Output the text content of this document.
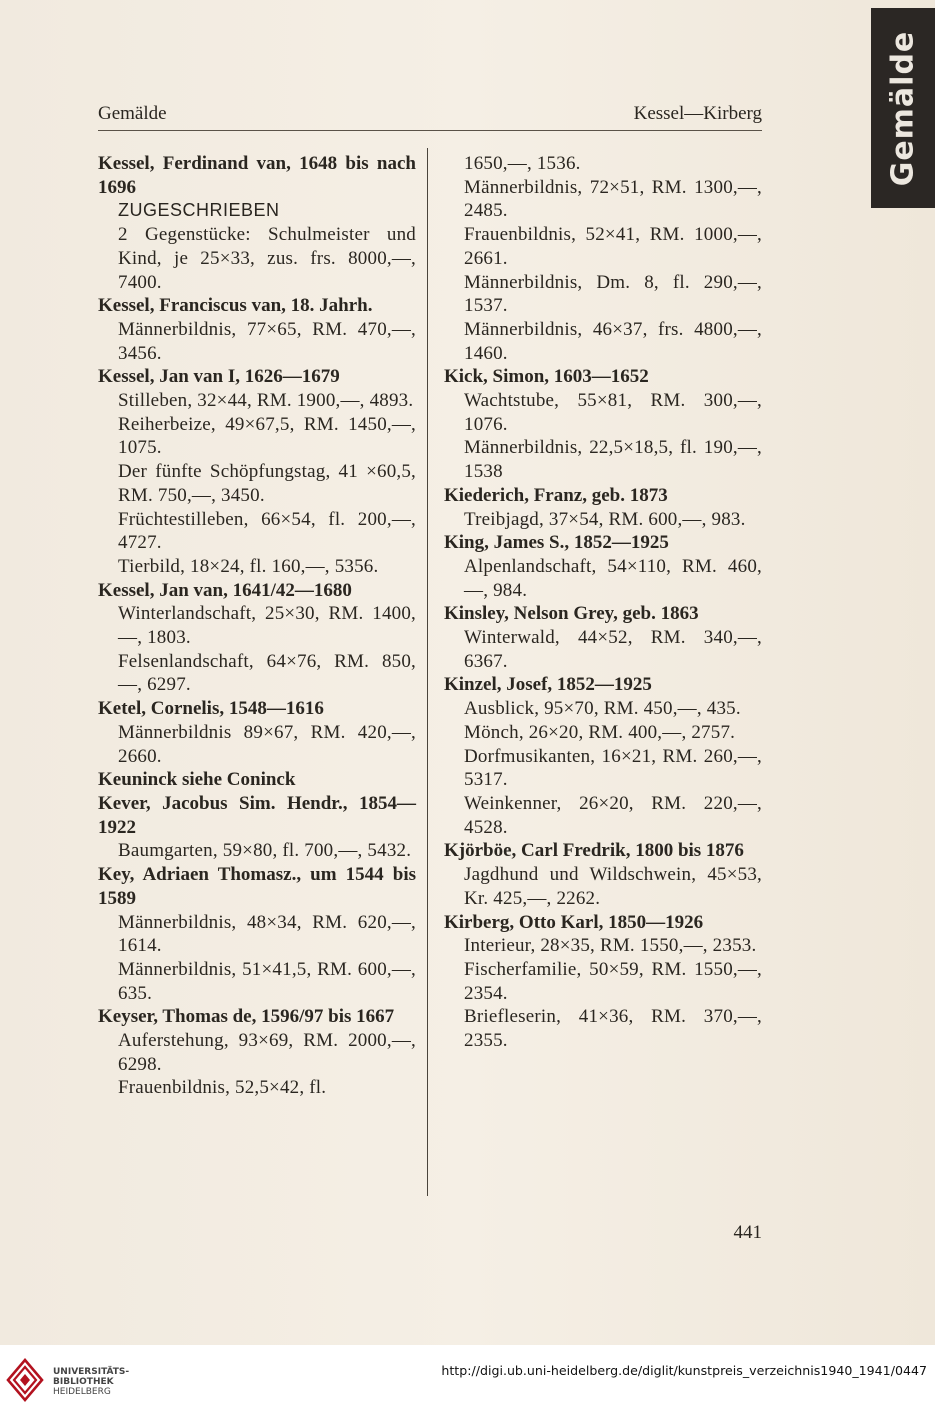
Gemälde
Gemälde	Kessel—Kirberg

Kessel, Ferdinand van, 1648 bis nach 1696

ZUGESCHRIEBEN

2 Gegenstücke: Schulmeister und Kind, je 25×33, zus. frs. 8000,—, 7400.

Kessel, Franciscus van, 18. Jahrh.

Männerbildnis, 77×65, RM. 470,—, 3456.

Kessel, Jan van I, 1626—1679

Stilleben, 32×44, RM. 1900,—, 4893.

Reiherbeize, 49×67,5, RM. 1450,—, 1075.

Der fünfte Schöpfungstag, 41 ×60,5, RM. 750,—, 3450.

Früchtestilleben, 66×54, fl. 200,—, 4727.

Tierbild, 18×24, fl. 160,—, 5356.

Kessel, Jan van, 1641/42—1680

Winterlandschaft, 25×30, RM. 1400,—, 1803.

Felsenlandschaft, 64×76, RM. 850,—, 6297.

Ketel, Cornelis, 1548—1616

Männerbildnis 89×67, RM. 420,—, 2660.

Keuninck siehe Coninck

Kever, Jacobus Sim. Hendr., 1854—1922

Baumgarten, 59×80, fl. 700,—, 5432.

Key, Adriaen Thomasz., um 1544 bis 1589

Männerbildnis, 48×34, RM. 620,—, 1614.

Männerbildnis, 51×41,5, RM. 600,—, 635.

Keyser, Thomas de, 1596/97 bis 1667

Auferstehung, 93×69, RM. 2000,—, 6298.

Frauenbildnis, 52,5×42, fl.

1650,—, 1536.

Männerbildnis, 72×51, RM. 1300,—, 2485.

Frauenbildnis, 52×41, RM. 1000,—, 2661.

Männerbildnis, Dm. 8, fl. 290,—, 1537.

Männerbildnis, 46×37, frs. 4800,—, 1460.

Kick, Simon, 1603—1652

Wachtstube, 55×81, RM. 300,—, 1076.

Männerbildnis, 22,5×18,5, fl. 190,—, 1538

Kiederich, Franz, geb. 1873

Treibjagd, 37×54, RM. 600,—, 983.

King, James S., 1852—1925

Alpenlandschaft, 54×110, RM. 460,—, 984.

Kinsley, Nelson Grey, geb. 1863

Winterwald, 44×52, RM. 340,—, 6367.

Kinzel, Josef, 1852—1925

Ausblick, 95×70, RM. 450,—, 435.

Mönch, 26×20, RM. 400,—, 2757.

Dorfmusikanten, 16×21, RM. 260,—, 5317.

Weinkenner, 26×20, RM. 220,—, 4528.

Kjörböe, Carl Fredrik, 1800 bis 1876

Jagdhund und Wildschwein, 45×53, Kr. 425,—, 2262.

Kirberg, Otto Karl, 1850—1926

Interieur, 28×35, RM. 1550,—, 2353.

Fischerfamilie, 50×59, RM. 1550,—, 2354.

Briefleserin, 41×36, RM. 370,—, 2355.

441
UNIVERSITÄTS-
BIBLIOTHEK
HEIDELBERG
http://digi.ub.uni-heidelberg.de/diglit/kunstpreis_verzeichnis1940_1941/0447
